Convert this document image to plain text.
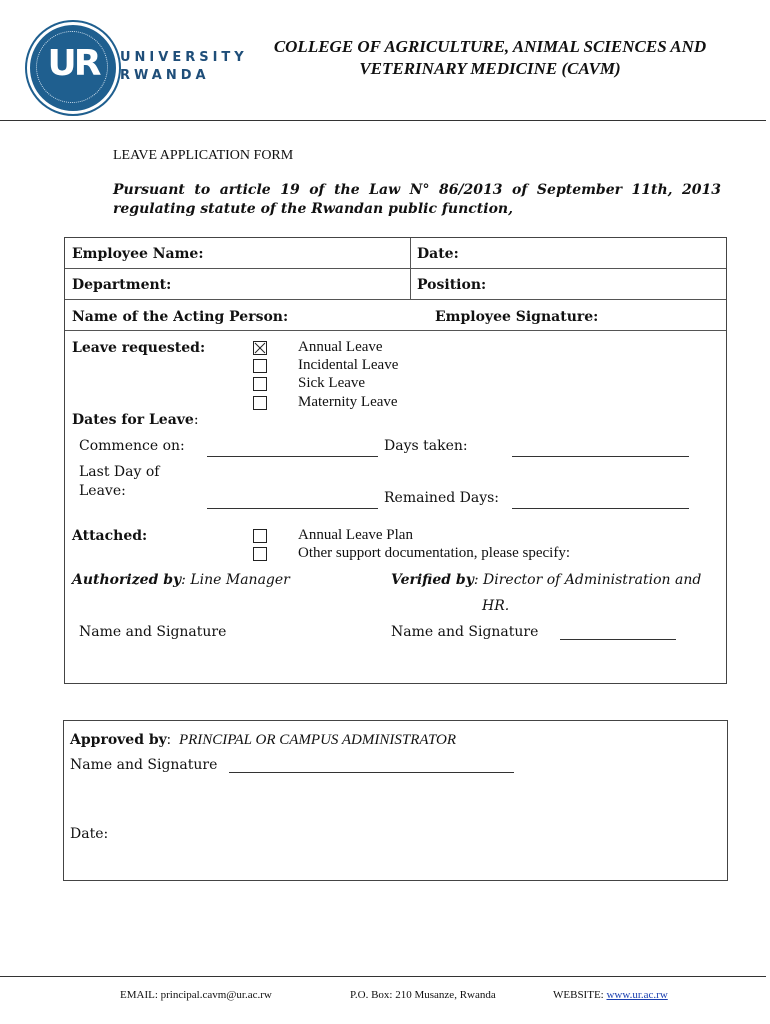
UR	UNIVERSITY
RWANDA
COLLEGE OF AGRICULTURE, ANIMAL SCIENCES AND
VETERINARY MEDICINE (CAVM)
LEAVE APPLICATION FORM
Pursuant to article 19 of the Law N° 86/2013 of September 11th, 2013
regulating statute of the Rwandan public function,
Employee Name:	Date:
Department:	Position:
Name of the Acting Person:	Employee Signature:
Leave requested:	Annual Leave
Incidental Leave
Sick Leave
Maternity Leave
Dates for Leave:
Commence on:	Days taken:
Last Day of
Leave:	Remained Days:
Attached:	Annual Leave Plan
Other support documentation, please specify:
Authorized by: Line Manager	Verified by: Director of Administration and
HR.
Name and Signature	Name and Signature
Approved by: PRINCIPAL OR CAMPUS ADMINISTRATOR
Name and Signature
Date:
EMAIL: principal.cavm@ur.ac.rw	P.O. Box: 210 Musanze, Rwanda	WEBSITE: www.ur.ac.rw
